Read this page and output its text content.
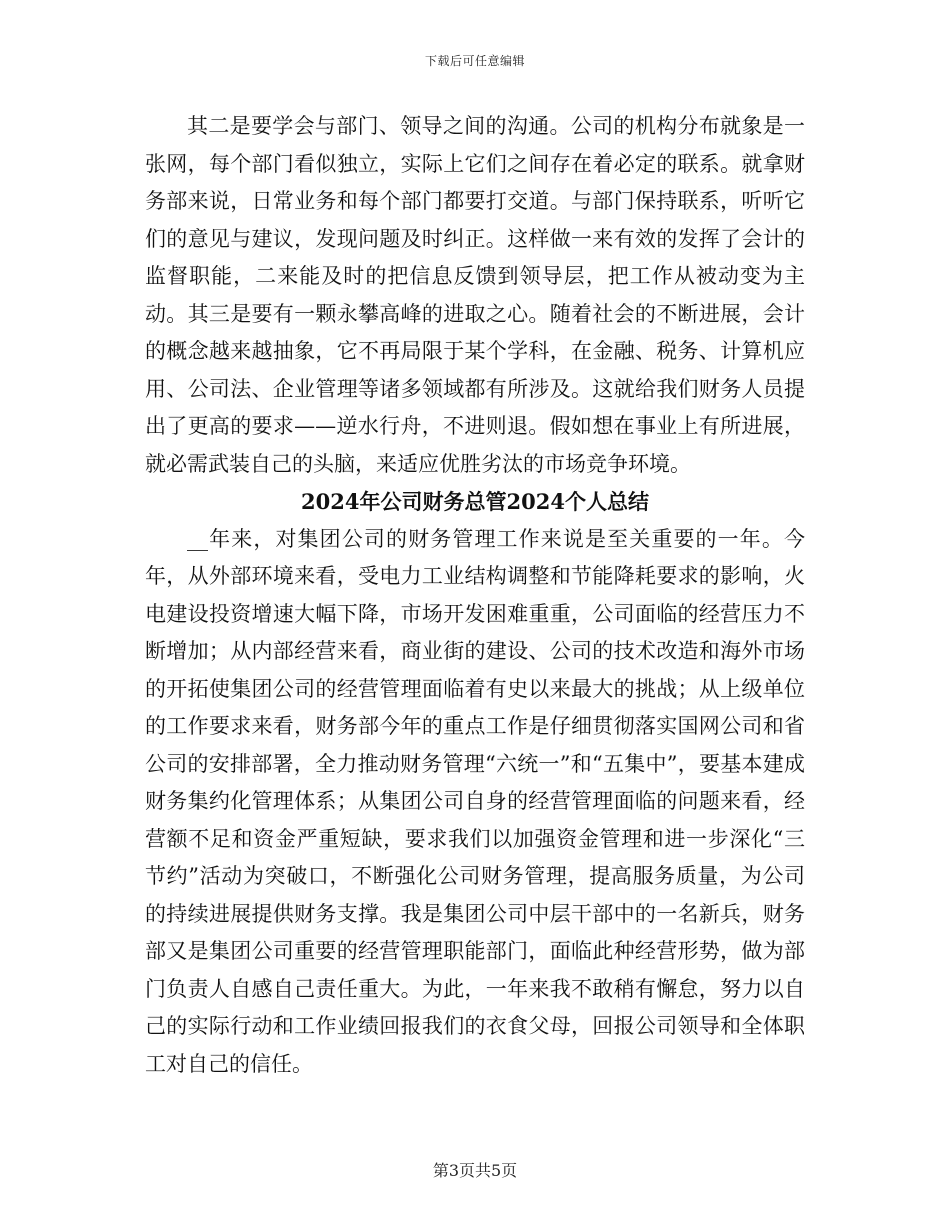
下载后可任意编辑

其二是要学会与部门、领导之间的沟通。公司的机构分布就象是一张网，每个部门看似独立，实际上它们之间存在着必定的联系。就拿财务部来说，日常业务和每个部门都要打交道。与部门保持联系，听听它们的意见与建议，发现问题及时纠正。这样做一来有效的发挥了会计的监督职能，二来能及时的把信息反馈到领导层，把工作从被动变为主动。其三是要有一颗永攀高峰的进取之心。随着社会的不断进展，会计的概念越来越抽象，它不再局限于某个学科，在金融、税务、计算机应用、公司法、企业管理等诸多领域都有所涉及。这就给我们财务人员提出了更高的要求——逆水行舟，不进则退。假如想在事业上有所进展，就必需武装自己的头脑，来适应优胜劣汰的市场竞争环境。

2024年公司财务总管2024个人总结

__年来，对集团公司的财务管理工作来说是至关重要的一年。今年，从外部环境来看，受电力工业结构调整和节能降耗要求的影响，火电建设投资增速大幅下降，市场开发困难重重，公司面临的经营压力不断增加；从内部经营来看，商业街的建设、公司的技术改造和海外市场的开拓使集团公司的经营管理面临着有史以来最大的挑战；从上级单位的工作要求来看，财务部今年的重点工作是仔细贯彻落实国网公司和省公司的安排部署，全力推动财务管理“六统一”和“五集中”，要基本建成财务集约化管理体系；从集团公司自身的经营管理面临的问题来看，经营额不足和资金严重短缺，要求我们以加强资金管理和进一步深化“三节约”活动为突破口，不断强化公司财务管理，提高服务质量，为公司的持续进展提供财务支撑。我是集团公司中层干部中的一名新兵，财务部又是集团公司重要的经营管理职能部门，面临此种经营形势，做为部门负责人自感自己责任重大。为此，一年来我不敢稍有懈怠，努力以自己的实际行动和工作业绩回报我们的衣食父母，回报公司领导和全体职工对自己的信任。

第3页共5页
